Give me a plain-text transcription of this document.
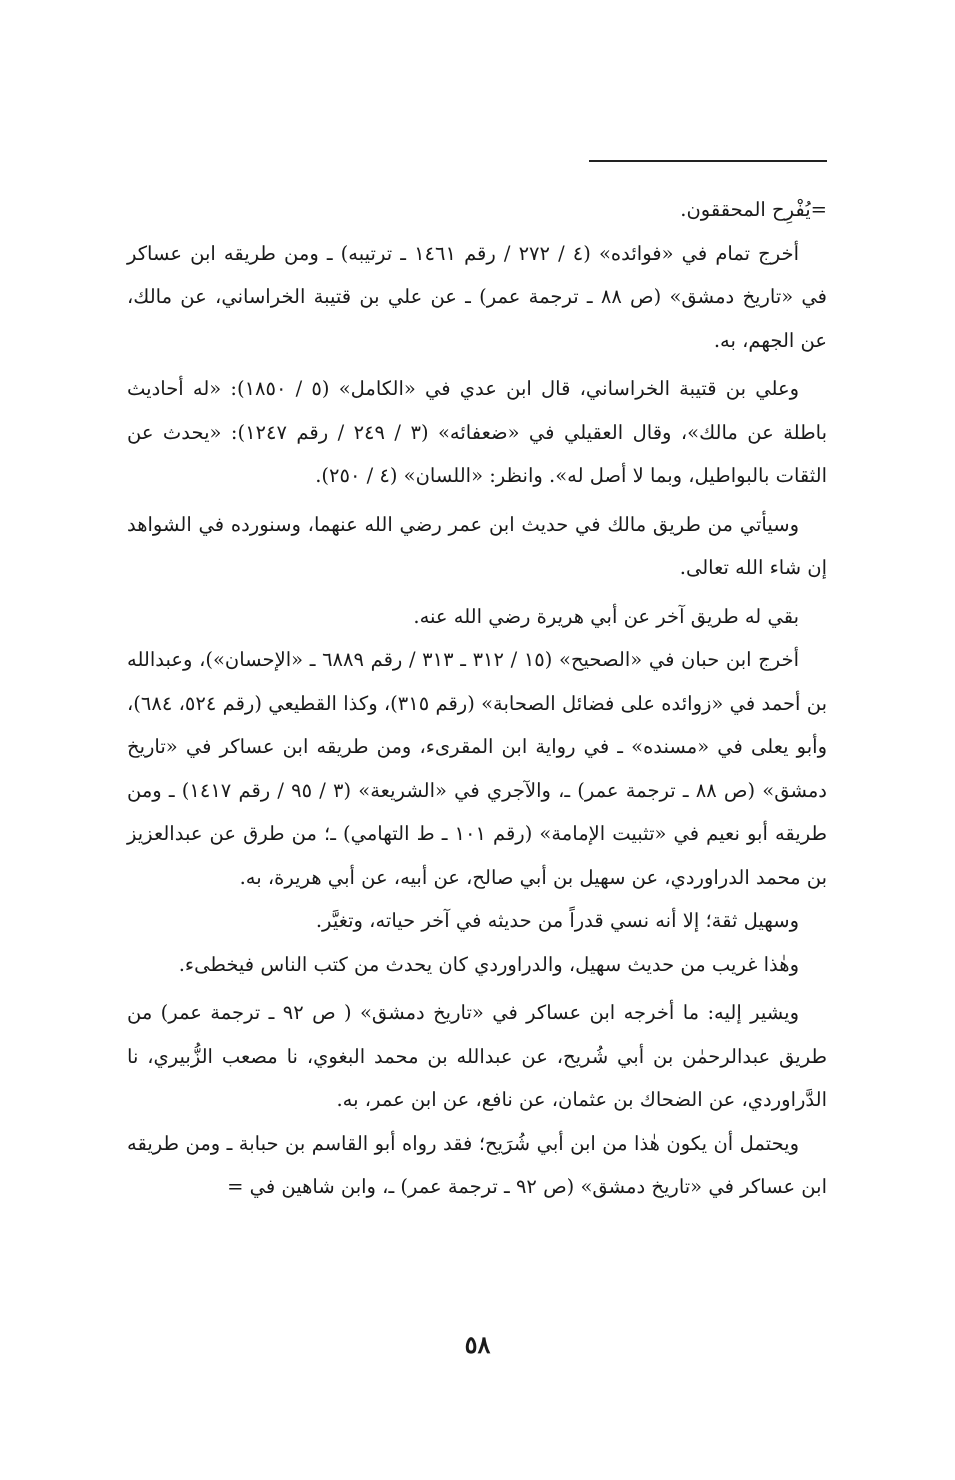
=يُفْرِح المحققون.

أخرج تمام في «فوائده» (٤ / ٢٧٢ / رقم ١٤٦١ ـ ترتيبه) ـ ومن طريقه ابن عساكر في «تاريخ دمشق» (ص ٨٨ ـ ترجمة عمر) ـ عن علي بن قتيبة الخراساني، عن مالك، عن الجهم، به.

وعلي بن قتيبة الخراساني، قال ابن عدي في «الكامل» (٥ / ١٨٥٠): «له أحاديث باطلة عن مالك»، وقال العقيلي في «ضعفائه» (٣ / ٢٤٩ / رقم ١٢٤٧): «يحدث عن الثقات بالبواطيل، وبما لا أصل له». وانظر: «اللسان» (٤ / ٢٥٠).

وسيأتي من طريق مالك في حديث ابن عمر رضي الله عنهما، وسنورده في الشواهد إن شاء الله تعالى.

بقي له طريق آخر عن أبي هريرة رضي الله عنه.

أخرج ابن حبان في «الصحيح» (١٥ / ٣١٢ ـ ٣١٣ / رقم ٦٨٨٩ ـ «الإحسان»)، وعبدالله بن أحمد في «زوائده على فضائل الصحابة» (رقم ٣١٥)، وكذا القطيعي (رقم ٥٢٤، ٦٨٤)، وأبو يعلى في «مسنده» ـ في رواية ابن المقرىء، ومن طريقه ابن عساكر في «تاريخ دمشق» (ص ٨٨ ـ ترجمة عمر) ـ، والآجري في «الشريعة» (٣ / ٩٥ / رقم ١٤١٧) ـ ومن طريقه أبو نعيم في «تثبيت الإمامة» (رقم ١٠١ ـ ط التهامي) ـ؛ من طرق عن عبدالعزيز بن محمد الدراوردي، عن سهيل بن أبي صالح، عن أبيه، عن أبي هريرة، به.

وسهيل ثقة؛ إلا أنه نسي قدراً من حديثه في آخر حياته، وتغيَّر.

وهٰذا غريب من حديث سهيل، والدراوردي كان يحدث من كتب الناس فيخطىء.

ويشير إليه: ما أخرجه ابن عساكر في «تاريخ دمشق» ( ص ٩٢ ـ ترجمة عمر) من طريق عبدالرحمٰن بن أبي شُريح، عن عبدالله بن محمد البغوي، نا مصعب الزُّبيري، نا الدَّراوردي، عن الضحاك بن عثمان، عن نافع، عن ابن عمر، به.

ويحتمل أن يكون هٰذا من ابن أبي شُرَيح؛ فقد رواه أبو القاسم بن حبابة ـ ومن طريقه ابن عساكر في «تاريخ دمشق» (ص ٩٢ ـ ترجمة عمر) ـ، وابن شاهين في =

٥٨
